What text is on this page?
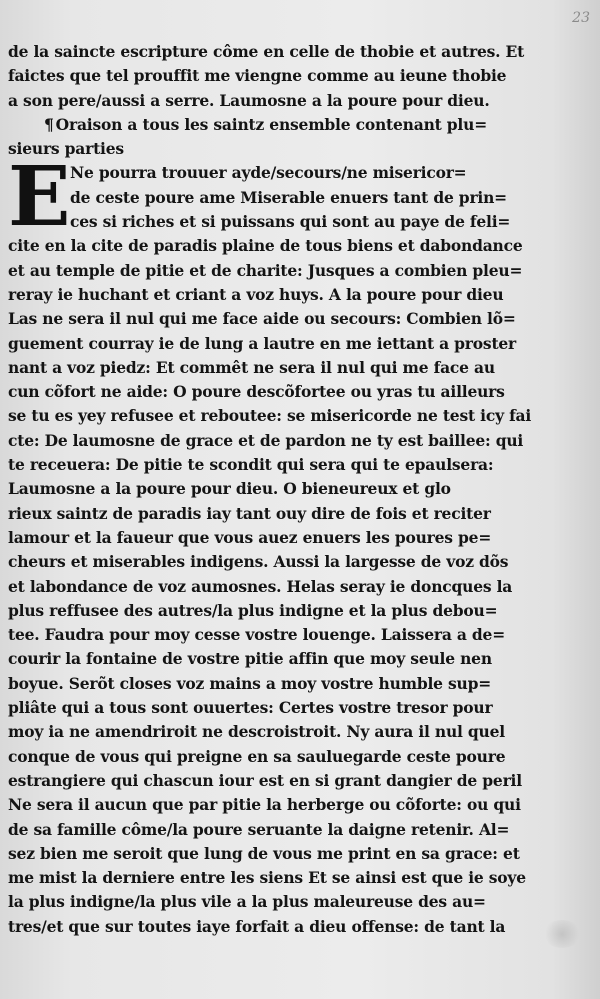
23
de la saincte escripture côme en celle de thobie et autres. Et
faictes que tel prouffit me viengne comme au ieune thobie
a son pere/aussi a serre. Laumosne a la poure pour dieu.
¶ Oraison a tous les saintz ensemble contenant plu=
sieurs parties
E Ne pourra trouuer ayde/secours/ne misericor=
de ceste poure ame Miserable enuers tant de prin=
ces si riches et si puissans qui sont au paye de feli=
cite en la cite de paradis plaine de tous biens et dabondance
et au temple de pitie et de charite: Jusques a combien pleu=
reray ie huchant et criant a voz huys. A la poure pour dieu
Las ne sera il nul qui me face aide ou secours: Combien lõ=
guement courray ie de lung a lautre en me iettant a proster
nant a voz piedz: Et commêt ne sera il nul qui me face au
cun cõfort ne aide: O poure descõfortee ou yras tu ailleurs
se tu es yey refusee et reboutee: se misericorde ne test icy fai
cte: De laumosne de grace et de pardon ne ty est baillee: qui
te receuera: De pitie te scondit qui sera qui te epaulsera:
Laumosne a la poure pour dieu. O bieneureux et glo
rieux saintz de paradis iay tant ouy dire de fois et reciter
lamour et la faueur que vous auez enuers les poures pe=
cheurs et miserables indigens. Aussi la largesse de voz dõs
et labondance de voz aumosnes. Helas seray ie doncques la
plus reffusee des autres/la plus indigne et la plus debou=
tee. Faudra pour moy cesse vostre louenge. Laissera a de=
courir la fontaine de vostre pitie affin que moy seule nen
boyue. Serõt closes voz mains a moy vostre humble sup=
pliâte qui a tous sont ouuertes: Certes vostre tresor pour
moy ia ne amendriroit ne descroistroit. Ny aura il nul quel
conque de vous qui preigne en sa sauluegarde ceste poure
estrangiere qui chascun iour est en si grant dangier de peril
Ne sera il aucun que par pitie la herberge ou cõforte: ou qui
de sa famille côme/la poure seruante la daigne retenir. Al=
sez bien me seroit que lung de vous me print en sa grace: et
me mist la derniere entre les siens Et se ainsi est que ie soye
la plus indigne/la plus vile a la plus maleureuse des au=
tres/et que sur toutes iaye forfait a dieu offense: de tant la
